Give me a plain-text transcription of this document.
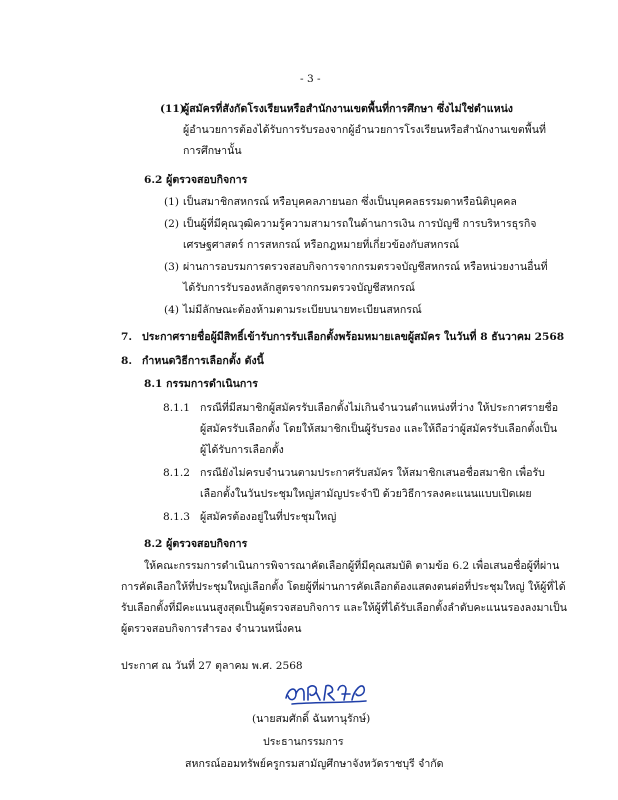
- 3 -
(11)
ผู้สมัครที่สังกัดโรงเรียนหรือสำนักงานเขตพื้นที่การศึกษา ซึ่งไม่ใช่ตำแหน่ง
ผู้อำนวยการต้องได้รับการรับรองจากผู้อำนวยการโรงเรียนหรือสำนักงานเขตพื้นที่
การศึกษานั้น
6.2 ผู้ตรวจสอบกิจการ
(1) เป็นสมาชิกสหกรณ์ หรือบุคคลภายนอก ซึ่งเป็นบุคคลธรรมดาหรือนิติบุคคล
(2) เป็นผู้ที่มีคุณวุฒิความรู้ความสามารถในด้านการเงิน การบัญชี การบริหารธุรกิจ
เศรษฐศาสตร์ การสหกรณ์ หรือกฎหมายที่เกี่ยวข้องกับสหกรณ์
(3) ผ่านการอบรมการตรวจสอบกิจการจากกรมตรวจบัญชีสหกรณ์ หรือหน่วยงานอื่นที่
ได้รับการรับรองหลักสูตรจากกรมตรวจบัญชีสหกรณ์
(4) ไม่มีลักษณะต้องห้ามตามระเบียบนายทะเบียนสหกรณ์
7. ประกาศรายชื่อผู้มีสิทธิ์เข้ารับการรับเลือกตั้งพร้อมหมายเลขผู้สมัคร ในวันที่ 8 ธันวาคม 2568
8. กำหนดวิธีการเลือกตั้ง ดังนี้
8.1 กรรมการดำเนินการ
8.1.1 กรณีที่มีสมาชิกผู้สมัครรับเลือกตั้งไม่เกินจำนวนตำแหน่งที่ว่าง ให้ประกาศรายชื่อ
ผู้สมัครรับเลือกตั้ง โดยให้สมาชิกเป็นผู้รับรอง และให้ถือว่าผู้สมัครรับเลือกตั้งเป็น
ผู้ได้รับการเลือกตั้ง
8.1.2 กรณียังไม่ครบจำนวนตามประกาศรับสมัคร ให้สมาชิกเสนอชื่อสมาชิก เพื่อรับ
เลือกตั้งในวันประชุมใหญ่สามัญประจำปี ด้วยวิธีการลงคะแนนแบบเปิดเผย
8.1.3 ผู้สมัครต้องอยู่ในที่ประชุมใหญ่
8.2 ผู้ตรวจสอบกิจการ
ให้คณะกรรมการดำเนินการพิจารณาคัดเลือกผู้ที่มีคุณสมบัติ ตามข้อ 6.2 เพื่อเสนอชื่อผู้ที่ผ่าน
การคัดเลือกให้ที่ประชุมใหญ่เลือกตั้ง โดยผู้ที่ผ่านการคัดเลือกต้องแสดงตนต่อที่ประชุมใหญ่ ให้ผู้ที่ได้
รับเลือกตั้งที่มีคะแนนสูงสุดเป็นผู้ตรวจสอบกิจการ และให้ผู้ที่ได้รับเลือกตั้งลำดับคะแนนรองลงมาเป็น
ผู้ตรวจสอบกิจการสำรอง จำนวนหนึ่งคน
ประกาศ ณ วันที่ 27 ตุลาคม พ.ศ. 2568
(นายสมศักดิ์ ฉันทานุรักษ์)
ประธานกรรมการ
สหกรณ์ออมทรัพย์ครูกรมสามัญศึกษาจังหวัดราชบุรี จำกัด
